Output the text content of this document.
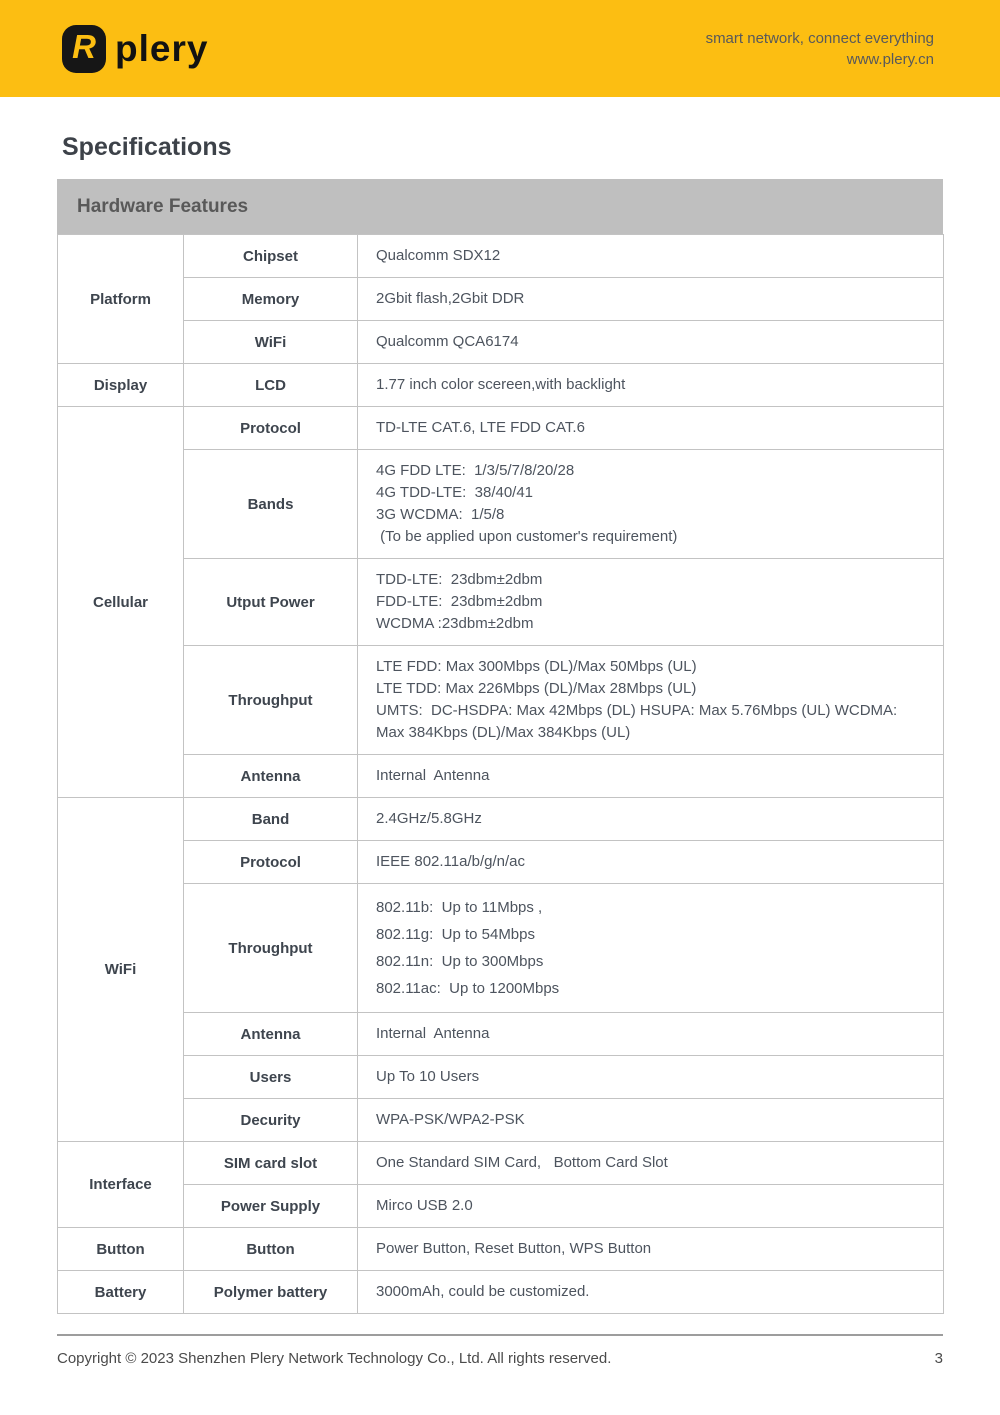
R plery	smart network, connect everything
www.plery.cn
Specifications
Hardware Features
Platform	Chipset	Qualcomm SDX12

	Memory	2Gbit flash,2Gbit DDR

	WiFi	Qualcomm QCA6174

Display	LCD	1.77 inch color scereen,with backlight

Cellular	Protocol	TD-LTE CAT.6, LTE FDD CAT.6

	Bands	4G FDD LTE:  1/3/5/7/8/20/28
4G TDD-LTE:  38/40/41
3G WCDMA:  1/5/8
(To be applied upon customer's requirement)

	Utput Power	TDD-LTE:  23dbm±2dbm
FDD-LTE:  23dbm±2dbm
WCDMA :23dbm±2dbm

	Throughput	LTE FDD: Max 300Mbps (DL)/Max 50Mbps (UL)
LTE TDD: Max 226Mbps (DL)/Max 28Mbps (UL)
UMTS:  DC-HSDPA: Max 42Mbps (DL) HSUPA: Max 5.76Mbps (UL) WCDMA: Max 384Kbps (DL)/Max 384Kbps (UL)

	Antenna	Internal  Antenna

WiFi	Band	2.4GHz/5.8GHz

	Protocol	IEEE 802.11a/b/g/n/ac

	Throughput	802.11b:  Up to 11Mbps ,
802.11g:  Up to 54Mbps
802.11n:  Up to 300Mbps
802.11ac:  Up to 1200Mbps

	Antenna	Internal  Antenna

	Users	Up To 10 Users

	Decurity	WPA-PSK/WPA2-PSK

Interface	SIM card slot	One Standard SIM Card,   Bottom Card Slot

	Power Supply	Mirco USB 2.0

Button	Button	Power Button, Reset Button, WPS Button

Battery	Polymer battery	3000mAh, could be customized.
Copyright © 2023 Shenzhen Plery Network Technology Co., Ltd. All rights reserved.	3
